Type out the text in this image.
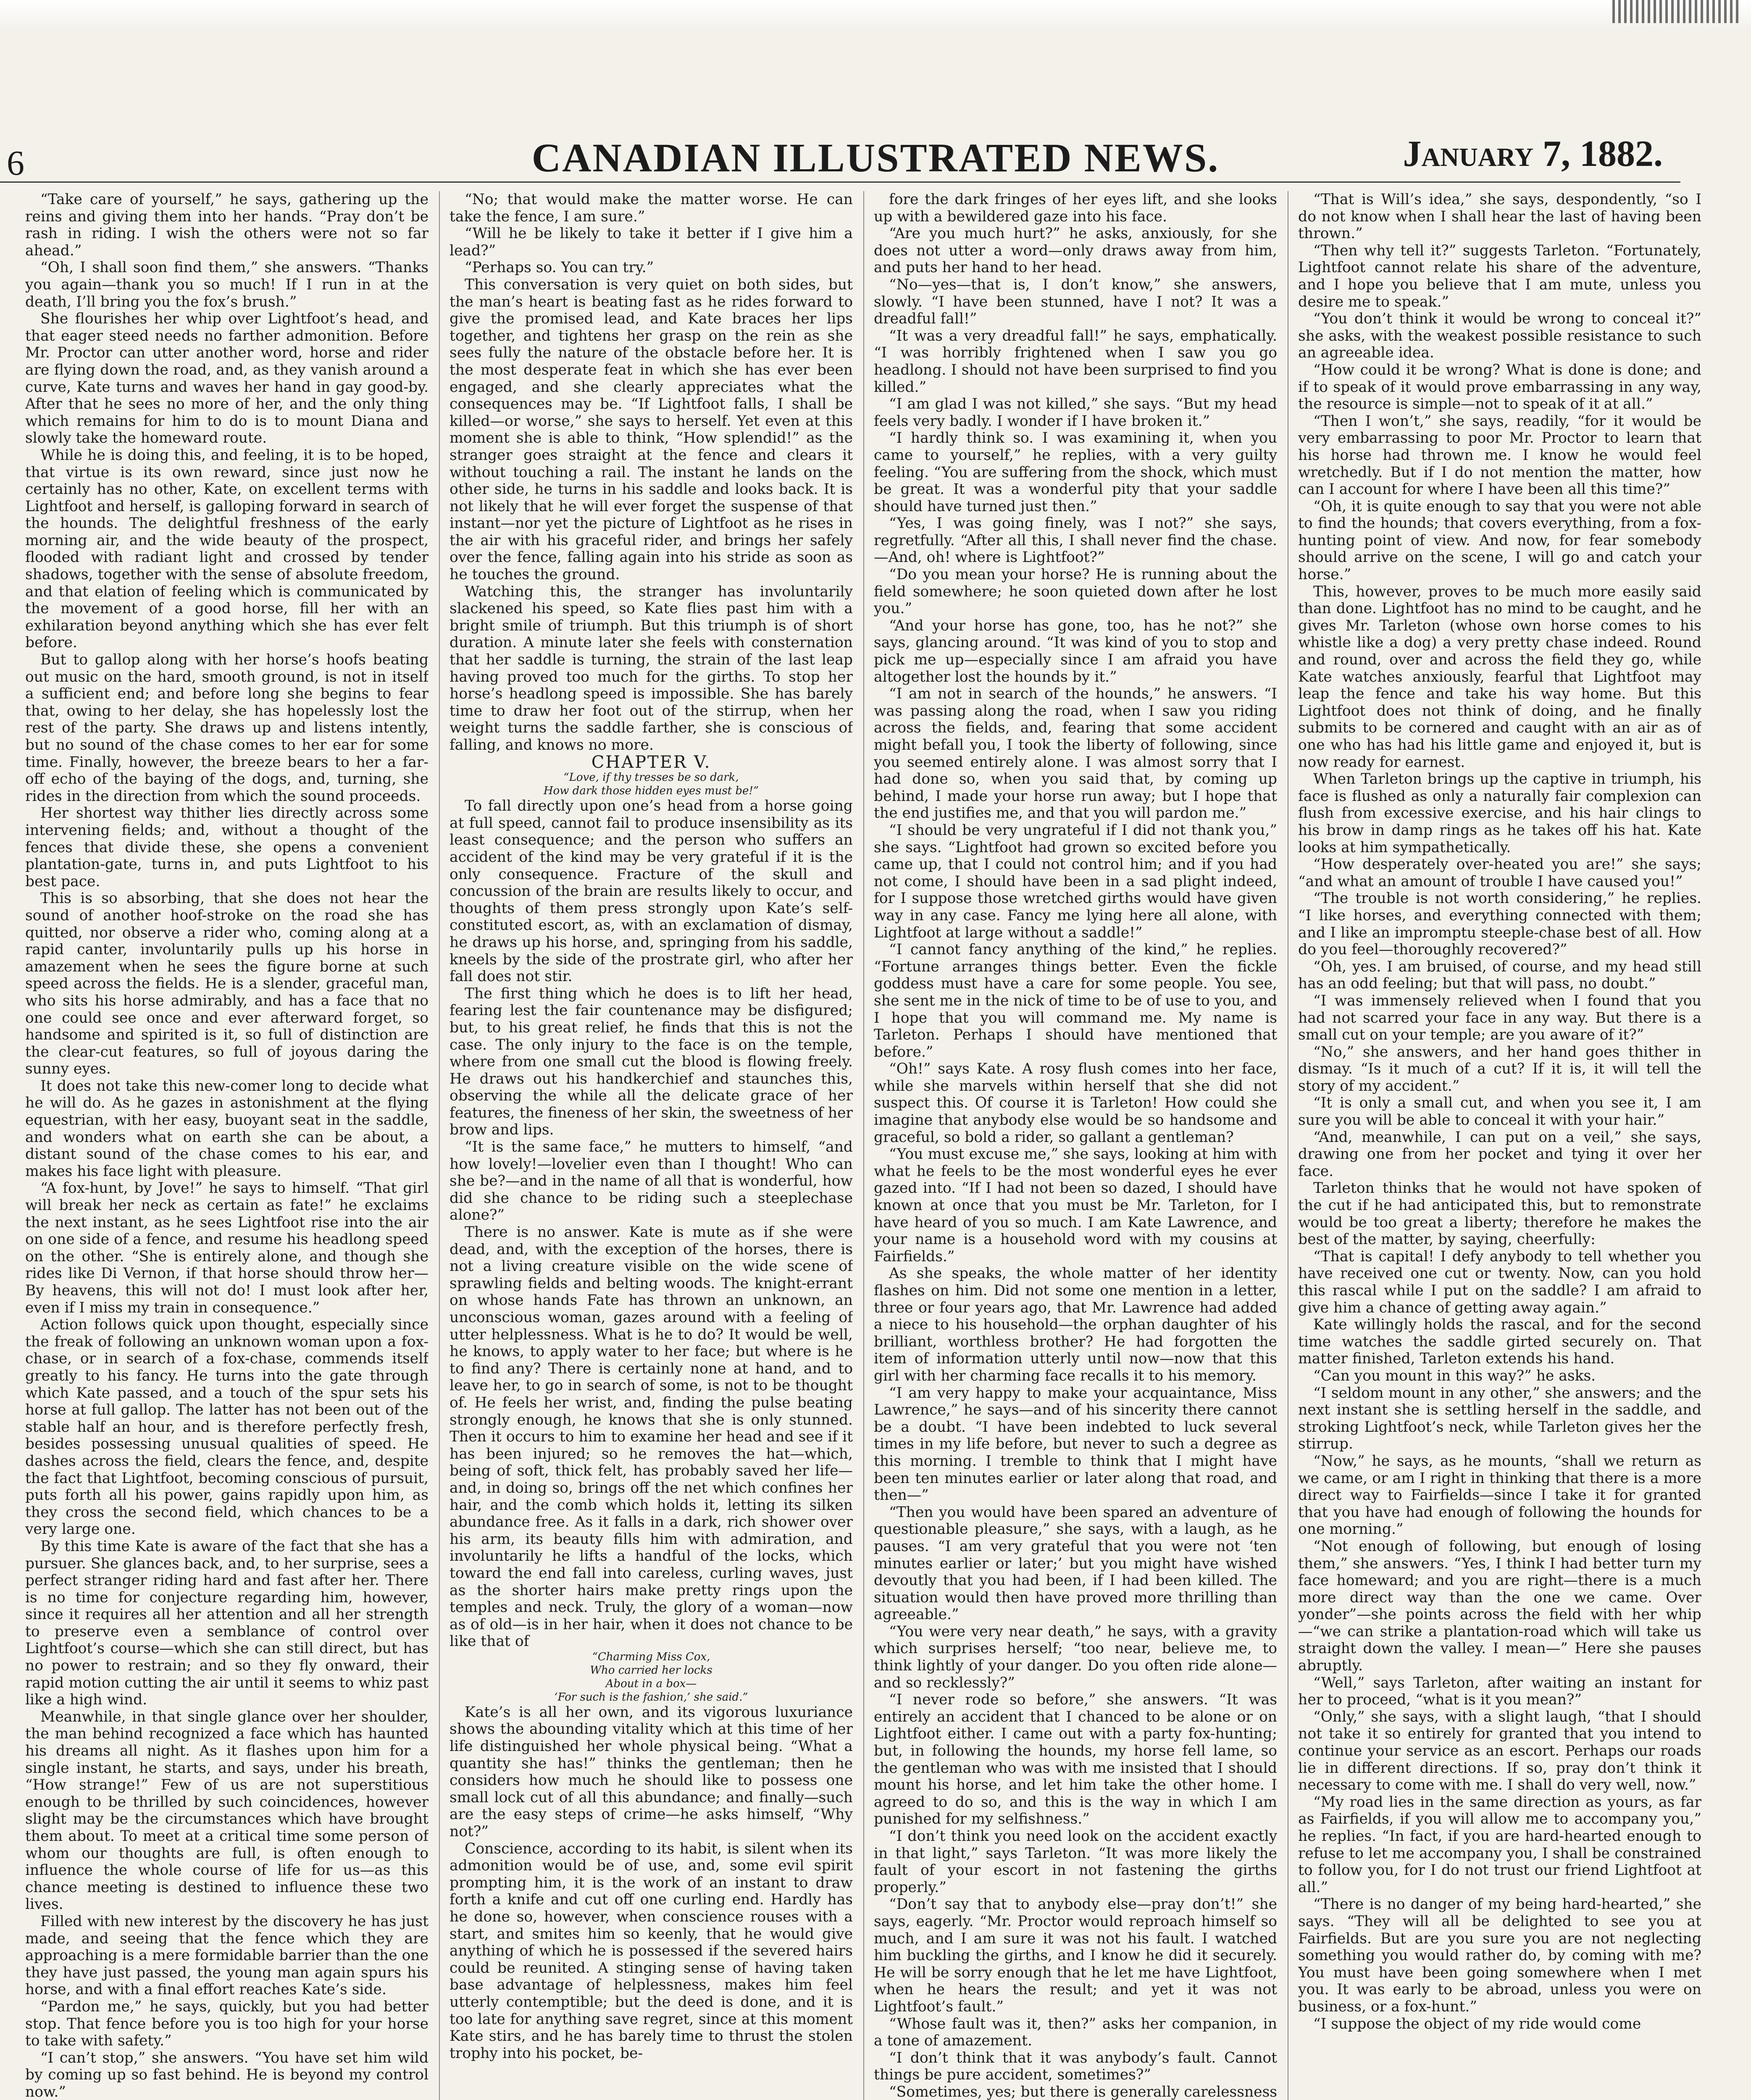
6	CANADIAN ILLUSTRATED NEWS.	January 7, 1882.

“Take care of yourself,” he says, gathering up the reins and giving them into her hands. “Pray don’t be rash in riding. I wish the others were not so far ahead.”

“Oh, I shall soon find them,” she answers. “Thanks you again—thank you so much! If I run in at the death, I’ll bring you the fox’s brush.”

She flourishes her whip over Lightfoot’s head, and that eager steed needs no farther admonition. Before Mr. Proctor can utter another word, horse and rider are flying down the road, and, as they vanish around a curve, Kate turns and waves her hand in gay good-by. After that he sees no more of her, and the only thing which remains for him to do is to mount Diana and slowly take the homeward route.

While he is doing this, and feeling, it is to be hoped, that virtue is its own reward, since just now he certainly has no other, Kate, on excellent terms with Lightfoot and herself, is galloping forward in search of the hounds. The delightful freshness of the early morning air, and the wide beauty of the prospect, flooded with radiant light and crossed by tender shadows, together with the sense of absolute freedom, and that elation of feeling which is communicated by the movement of a good horse, fill her with an exhilaration beyond anything which she has ever felt before.

But to gallop along with her horse’s hoofs beating out music on the hard, smooth ground, is not in itself a sufficient end; and before long she begins to fear that, owing to her delay, she has hopelessly lost the rest of the party. She draws up and listens intently, but no sound of the chase comes to her ear for some time. Finally, however, the breeze bears to her a far-off echo of the baying of the dogs, and, turning, she rides in the direction from which the sound proceeds.

Her shortest way thither lies directly across some intervening fields; and, without a thought of the fences that divide these, she opens a convenient plantation-gate, turns in, and puts Lightfoot to his best pace.

This is so absorbing, that she does not hear the sound of another hoof-stroke on the road she has quitted, nor observe a rider who, coming along at a rapid canter, involuntarily pulls up his horse in amazement when he sees the figure borne at such speed across the fields. He is a slender, graceful man, who sits his horse admirably, and has a face that no one could see once and ever afterward forget, so handsome and spirited is it, so full of distinction are the clear-cut features, so full of joyous daring the sunny eyes.

It does not take this new-comer long to decide what he will do. As he gazes in astonishment at the flying equestrian, with her easy, buoyant seat in the saddle, and wonders what on earth she can be about, a distant sound of the chase comes to his ear, and makes his face light with pleasure.

“A fox-hunt, by Jove!” he says to himself. “That girl will break her neck as certain as fate!” he exclaims the next instant, as he sees Lightfoot rise into the air on one side of a fence, and resume his headlong speed on the other. “She is entirely alone, and though she rides like Di Vernon, if that horse should throw her—By heavens, this will not do! I must look after her, even if I miss my train in consequence.”

Action follows quick upon thought, especially since the freak of following an unknown woman upon a fox-chase, or in search of a fox-chase, commends itself greatly to his fancy. He turns into the gate through which Kate passed, and a touch of the spur sets his horse at full gallop. The latter has not been out of the stable half an hour, and is therefore perfectly fresh, besides possessing unusual qualities of speed. He dashes across the field, clears the fence, and, despite the fact that Lightfoot, becoming conscious of pursuit, puts forth all his power, gains rapidly upon him, as they cross the second field, which chances to be a very large one.

By this time Kate is aware of the fact that she has a pursuer. She glances back, and, to her surprise, sees a perfect stranger riding hard and fast after her. There is no time for conjecture regarding him, however, since it requires all her attention and all her strength to preserve even a semblance of control over Lightfoot’s course—which she can still direct, but has no power to restrain; and so they fly onward, their rapid motion cutting the air until it seems to whiz past like a high wind.

Meanwhile, in that single glance over her shoulder, the man behind recognized a face which has haunted his dreams all night. As it flashes upon him for a single instant, he starts, and says, under his breath, “How strange!” Few of us are not superstitious enough to be thrilled by such coincidences, however slight may be the circumstances which have brought them about. To meet at a critical time some person of whom our thoughts are full, is often enough to influence the whole course of life for us—as this chance meeting is destined to influence these two lives.

Filled with new interest by the discovery he has just made, and seeing that the fence which they are approaching is a mere formidable barrier than the one they have just passed, the young man again spurs his horse, and with a final effort reaches Kate’s side.

“Pardon me,” he says, quickly, but you had better stop. That fence before you is too high for your horse to take with safety.”

“I can’t stop,” she answers. “You have set him wild by coming up so fast behind. He is beyond my control now.”

“No; that would make the matter worse. He can take the fence, I am sure.”

“Will he be likely to take it better if I give him a lead?”

“Perhaps so. You can try.”

This conversation is very quiet on both sides, but the man’s heart is beating fast as he rides forward to give the promised lead, and Kate braces her lips together, and tightens her grasp on the rein as she sees fully the nature of the obstacle before her. It is the most desperate feat in which she has ever been engaged, and she clearly appreciates what the consequences may be. “If Lightfoot falls, I shall be killed—or worse,” she says to herself. Yet even at this moment she is able to think, “How splendid!” as the stranger goes straight at the fence and clears it without touching a rail. The instant he lands on the other side, he turns in his saddle and looks back. It is not likely that he will ever forget the suspense of that instant—nor yet the picture of Lightfoot as he rises in the air with his graceful rider, and brings her safely over the fence, falling again into his stride as soon as he touches the ground.

Watching this, the stranger has involuntarily slackened his speed, so Kate flies past him with a bright smile of triumph. But this triumph is of short duration. A minute later she feels with consternation that her saddle is turning, the strain of the last leap having proved too much for the girths. To stop her horse’s headlong speed is impossible. She has barely time to draw her foot out of the stirrup, when her weight turns the saddle farther, she is conscious of falling, and knows no more.

CHAPTER V.

“Love, if thy tresses be so dark,
How dark those hidden eyes must be!”

To fall directly upon one’s head from a horse going at full speed, cannot fail to produce insensibility as its least consequence; and the person who suffers an accident of the kind may be very grateful if it is the only consequence. Fracture of the skull and concussion of the brain are results likely to occur, and thoughts of them press strongly upon Kate’s self-constituted escort, as, with an exclamation of dismay, he draws up his horse, and, springing from his saddle, kneels by the side of the prostrate girl, who after her fall does not stir.

The first thing which he does is to lift her head, fearing lest the fair countenance may be disfigured; but, to his great relief, he finds that this is not the case. The only injury to the face is on the temple, where from one small cut the blood is flowing freely. He draws out his handkerchief and staunches this, observing the while all the delicate grace of her features, the fineness of her skin, the sweetness of her brow and lips.

“It is the same face,” he mutters to himself, “and how lovely!—lovelier even than I thought! Who can she be?—and in the name of all that is wonderful, how did she chance to be riding such a steeplechase alone?”

There is no answer. Kate is mute as if she were dead, and, with the exception of the horses, there is not a living creature visible on the wide scene of sprawling fields and belting woods. The knight-errant on whose hands Fate has thrown an unknown, an unconscious woman, gazes around with a feeling of utter helplessness. What is he to do? It would be well, he knows, to apply water to her face; but where is he to find any? There is certainly none at hand, and to leave her, to go in search of some, is not to be thought of. He feels her wrist, and, finding the pulse beating strongly enough, he knows that she is only stunned. Then it occurs to him to examine her head and see if it has been injured; so he removes the hat—which, being of soft, thick felt, has probably saved her life—and, in doing so, brings off the net which confines her hair, and the comb which holds it, letting its silken abundance free. As it falls in a dark, rich shower over his arm, its beauty fills him with admiration, and involuntarily he lifts a handful of the locks, which toward the end fall into careless, curling waves, just as the shorter hairs make pretty rings upon the temples and neck. Truly, the glory of a woman—now as of old—is in her hair, when it does not chance to be like that of

“Charming Miss Cox,
Who carried her locks
About in a box—
‘For such is the fashion,’ she said.”

Kate’s is all her own, and its vigorous luxuriance shows the abounding vitality which at this time of her life distinguished her whole physical being. “What a quantity she has!” thinks the gentleman; then he considers how much he should like to possess one small lock cut of all this abundance; and finally—such are the easy steps of crime—he asks himself, “Why not?”

Conscience, according to its habit, is silent when its admonition would be of use, and, some evil spirit prompting him, it is the work of an instant to draw forth a knife and cut off one curling end. Hardly has he done so, however, when conscience rouses with a start, and smites him so keenly, that he would give anything of which he is possessed if the severed hairs could be reunited. A stinging sense of having taken base advantage of helplessness, makes him feel utterly contemptible; but the deed is done, and it is too late for anything save regret, since at this moment Kate stirs, and he has barely time to thrust the stolen trophy into his pocket, be-

fore the dark fringes of her eyes lift, and she looks up with a bewildered gaze into his face.

“Are you much hurt?” he asks, anxiously, for she does not utter a word—only draws away from him, and puts her hand to her head.

“No—yes—that is, I don’t know,” she answers, slowly. “I have been stunned, have I not? It was a dreadful fall!”

“It was a very dreadful fall!” he says, emphatically. “I was horribly frightened when I saw you go headlong. I should not have been surprised to find you killed.”

“I am glad I was not killed,” she says. “But my head feels very badly. I wonder if I have broken it.”

“I hardly think so. I was examining it, when you came to yourself,” he replies, with a very guilty feeling. “You are suffering from the shock, which must be great. It was a wonderful pity that your saddle should have turned just then.”

“Yes, I was going finely, was I not?” she says, regretfully. “After all this, I shall never find the chase.—And, oh! where is Lightfoot?”

“Do you mean your horse? He is running about the field somewhere; he soon quieted down after he lost you.”

“And your horse has gone, too, has he not?” she says, glancing around. “It was kind of you to stop and pick me up—especially since I am afraid you have altogether lost the hounds by it.”

“I am not in search of the hounds,” he answers. “I was passing along the road, when I saw you riding across the fields, and, fearing that some accident might befall you, I took the liberty of following, since you seemed entirely alone. I was almost sorry that I had done so, when you said that, by coming up behind, I made your horse run away; but I hope that the end justifies me, and that you will pardon me.”

“I should be very ungrateful if I did not thank you,” she says. “Lightfoot had grown so excited before you came up, that I could not control him; and if you had not come, I should have been in a sad plight indeed, for I suppose those wretched girths would have given way in any case. Fancy me lying here all alone, with Lightfoot at large without a saddle!”

“I cannot fancy anything of the kind,” he replies. “Fortune arranges things better. Even the fickle goddess must have a care for some people. You see, she sent me in the nick of time to be of use to you, and I hope that you will command me. My name is Tarleton. Perhaps I should have mentioned that before.”

“Oh!” says Kate. A rosy flush comes into her face, while she marvels within herself that she did not suspect this. Of course it is Tarleton! How could she imagine that anybody else would be so handsome and graceful, so bold a rider, so gallant a gentleman?

“You must excuse me,” she says, looking at him with what he feels to be the most wonderful eyes he ever gazed into. “If I had not been so dazed, I should have known at once that you must be Mr. Tarleton, for I have heard of you so much. I am Kate Lawrence, and your name is a household word with my cousins at Fairfields.”

As she speaks, the whole matter of her identity flashes on him. Did not some one mention in a letter, three or four years ago, that Mr. Lawrence had added a niece to his household—the orphan daughter of his brilliant, worthless brother? He had forgotten the item of information utterly until now—now that this girl with her charming face recalls it to his memory.

“I am very happy to make your acquaintance, Miss Lawrence,” he says—and of his sincerity there cannot be a doubt. “I have been indebted to luck several times in my life before, but never to such a degree as this morning. I tremble to think that I might have been ten minutes earlier or later along that road, and then—”

“Then you would have been spared an adventure of questionable pleasure,” she says, with a laugh, as he pauses. “I am very grateful that you were not ‘ten minutes earlier or later;’ but you might have wished devoutly that you had been, if I had been killed. The situation would then have proved more thrilling than agreeable.”

“You were very near death,” he says, with a gravity which surprises herself; “too near, believe me, to think lightly of your danger. Do you often ride alone—and so recklessly?”

“I never rode so before,” she answers. “It was entirely an accident that I chanced to be alone or on Lightfoot either. I came out with a party fox-hunting; but, in following the hounds, my horse fell lame, so the gentleman who was with me insisted that I should mount his horse, and let him take the other home. I agreed to do so, and this is the way in which I am punished for my selfishness.”

“I don’t think you need look on the accident exactly in that light,” says Tarleton. “It was more likely the fault of your escort in not fastening the girths properly.”

“Don’t say that to anybody else—pray don’t!” she says, eagerly. “Mr. Proctor would reproach himself so much, and I am sure it was not his fault. I watched him buckling the girths, and I know he did it securely. He will be sorry enough that he let me have Lightfoot, when he hears the result; and yet it was not Lightfoot’s fault.”

“Whose fault was it, then?” asks her companion, in a tone of amazement.

“I don’t think that it was anybody’s fault. Cannot things be pure accident, sometimes?”

“Sometimes, yes; but there is generally carelessness

“That is Will’s idea,” she says, despondently, “so I do not know when I shall hear the last of having been thrown.”

“Then why tell it?” suggests Tarleton. “Fortunately, Lightfoot cannot relate his share of the adventure, and I hope you believe that I am mute, unless you desire me to speak.”

“You don’t think it would be wrong to conceal it?” she asks, with the weakest possible resistance to such an agreeable idea.

“How could it be wrong? What is done is done; and if to speak of it would prove embarrassing in any way, the resource is simple—not to speak of it at all.”

“Then I won’t,” she says, readily, “for it would be very embarrassing to poor Mr. Proctor to learn that his horse had thrown me. I know he would feel wretchedly. But if I do not mention the matter, how can I account for where I have been all this time?”

“Oh, it is quite enough to say that you were not able to find the hounds; that covers everything, from a fox-hunting point of view. And now, for fear somebody should arrive on the scene, I will go and catch your horse.”

This, however, proves to be much more easily said than done. Lightfoot has no mind to be caught, and he gives Mr. Tarleton (whose own horse comes to his whistle like a dog) a very pretty chase indeed. Round and round, over and across the field they go, while Kate watches anxiously, fearful that Lightfoot may leap the fence and take his way home. But this Lightfoot does not think of doing, and he finally submits to be cornered and caught with an air as of one who has had his little game and enjoyed it, but is now ready for earnest.

When Tarleton brings up the captive in triumph, his face is flushed as only a naturally fair complexion can flush from excessive exercise, and his hair clings to his brow in damp rings as he takes off his hat. Kate looks at him sympathetically.

“How desperately over-heated you are!” she says; “and what an amount of trouble I have caused you!”

“The trouble is not worth considering,” he replies. “I like horses, and everything connected with them; and I like an impromptu steeple-chase best of all. How do you feel—thoroughly recovered?”

“Oh, yes. I am bruised, of course, and my head still has an odd feeling; but that will pass, no doubt.”

“I was immensely relieved when I found that you had not scarred your face in any way. But there is a small cut on your temple; are you aware of it?”

“No,” she answers, and her hand goes thither in dismay. “Is it much of a cut? If it is, it will tell the story of my accident.”

“It is only a small cut, and when you see it, I am sure you will be able to conceal it with your hair.”

“And, meanwhile, I can put on a veil,” she says, drawing one from her pocket and tying it over her face.

Tarleton thinks that he would not have spoken of the cut if he had anticipated this, but to remonstrate would be too great a liberty; therefore he makes the best of the matter, by saying, cheerfully:

“That is capital! I defy anybody to tell whether you have received one cut or twenty. Now, can you hold this rascal while I put on the saddle? I am afraid to give him a chance of getting away again.”

Kate willingly holds the rascal, and for the second time watches the saddle girted securely on. That matter finished, Tarleton extends his hand.

“Can you mount in this way?” he asks.

“I seldom mount in any other,” she answers; and the next instant she is settling herself in the saddle, and stroking Lightfoot’s neck, while Tarleton gives her the stirrup.

“Now,” he says, as he mounts, “shall we return as we came, or am I right in thinking that there is a more direct way to Fairfields—since I take it for granted that you have had enough of following the hounds for one morning.”

“Not enough of following, but enough of losing them,” she answers. “Yes, I think I had better turn my face homeward; and you are right—there is a much more direct way than the one we came. Over yonder”—she points across the field with her whip—“we can strike a plantation-road which will take us straight down the valley. I mean—” Here she pauses abruptly.

“Well,” says Tarleton, after waiting an instant for her to proceed, “what is it you mean?”

“Only,” she says, with a slight laugh, “that I should not take it so entirely for granted that you intend to continue your service as an escort. Perhaps our roads lie in different directions. If so, pray don’t think it necessary to come with me. I shall do very well, now.”

“My road lies in the same direction as yours, as far as Fairfields, if you will allow me to accompany you,” he replies. “In fact, if you are hard-hearted enough to refuse to let me accompany you, I shall be constrained to follow you, for I do not trust our friend Lightfoot at all.”

“There is no danger of my being hard-hearted,” she says. “They will all be delighted to see you at Fairfields. But are you sure you are not neglecting something you would rather do, by coming with me? You must have been going somewhere when I met you. It was early to be abroad, unless you were on business, or a fox-hunt.”

“I suppose the object of my ride would come
